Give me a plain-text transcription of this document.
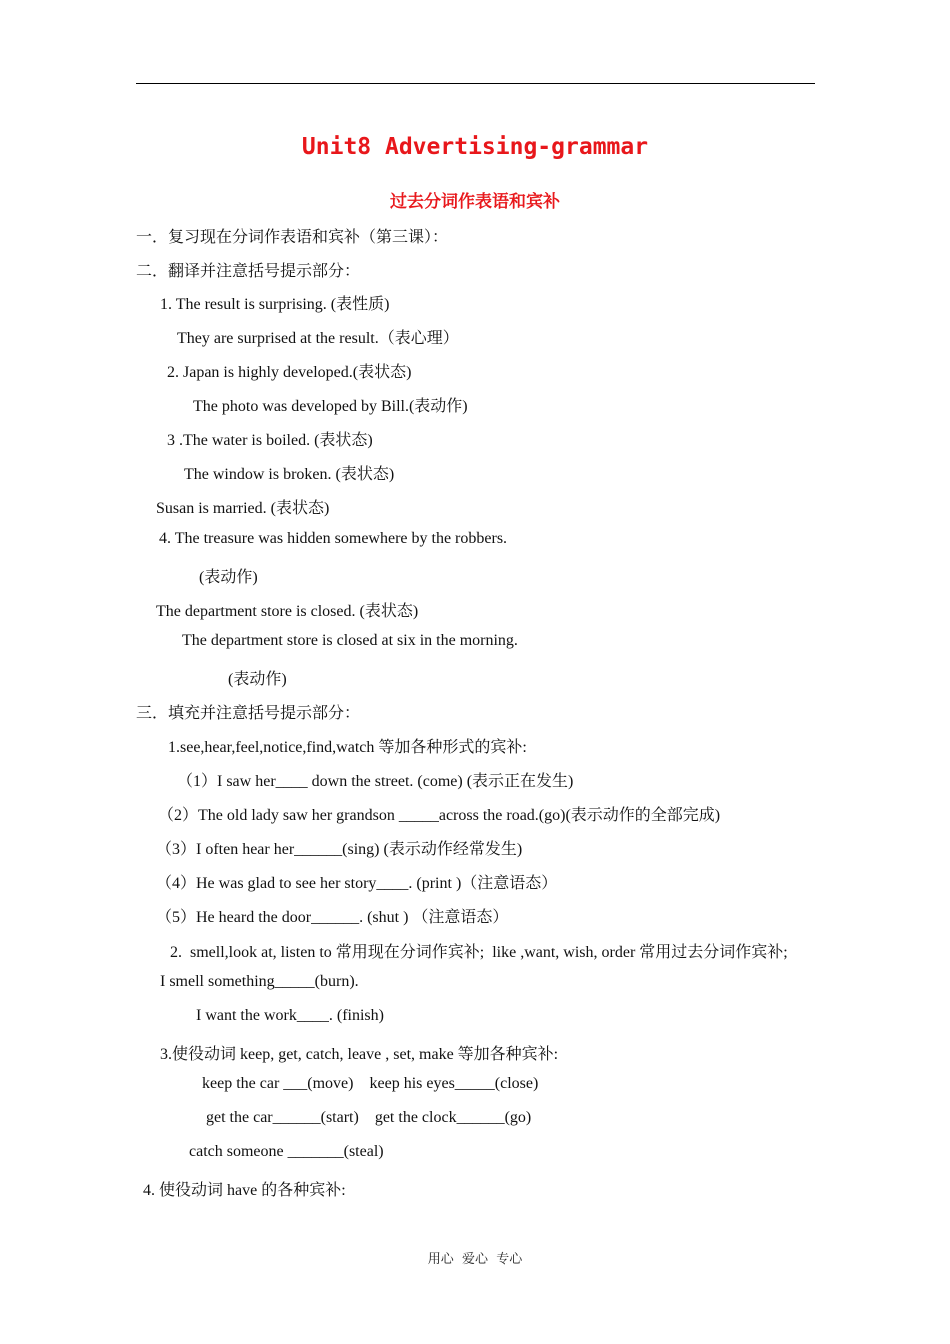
Unit8 Advertising-grammar
过去分词作表语和宾补
一．复习现在分词作表语和宾补（第三课）：
二．翻译并注意括号提示部分：
1. The result is surprising. (表性质)
They are surprised at the result.（表心理）
2. Japan is highly developed.(表状态)
The photo was developed by Bill.(表动作)
3 .The water is boiled. (表状态)
The window is broken. (表状态)
Susan is married. (表状态)
4. The treasure was hidden somewhere by the robbers.
(表动作)
The department store is closed. (表状态)
The department store is closed at six in the morning.
(表动作)
三．填充并注意括号提示部分：
1.see,hear,feel,notice,find,watch 等加各种形式的宾补:
（1）I saw her____ down the street. (come) (表示正在发生)
（2）The old lady saw her grandson _____across the road.(go)(表示动作的全部完成)
（3）I often hear her______(sing) (表示动作经常发生)
（4）He was glad to see her story____. (print )（注意语态）
（5）He heard the door______. (shut ) （注意语态）
2.  smell,look at, listen to 常用现在分词作宾补;  like ,want, wish, order 常用过去分词作宾补;
I smell something_____(burn).
I want the work____. (finish)
3.使役动词 keep, get, catch, leave , set, make 等加各种宾补:
keep the car ___(move)    keep his eyes_____(close)
get the car______(start)    get the clock______(go)
catch someone _______(steal)
4. 使役动词 have 的各种宾补:
用心  爱心  专心
